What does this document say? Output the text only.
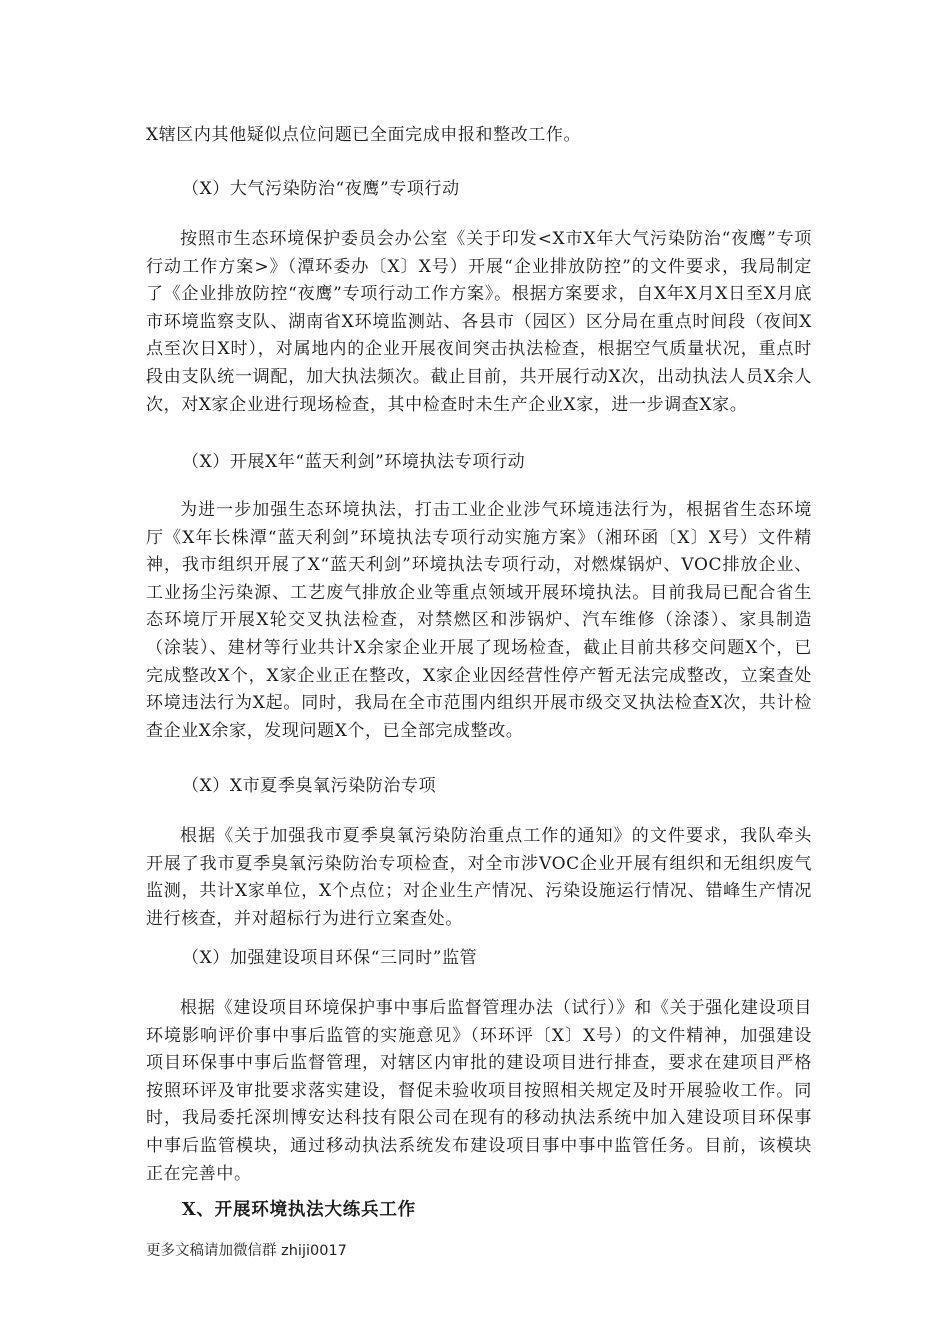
X辖区内其他疑似点位问题已全面完成申报和整改工作。

（X）大气污染防治“夜鹰”专项行动

按照市生态环境保护委员会办公室《关于印发<X市X年大气污染防治“夜鹰”专项行动工作方案>》（潭环委办〔X〕X号）开展“企业排放防控”的文件要求，我局制定了《企业排放防控“夜鹰”专项行动工作方案》。根据方案要求，自X年X月X日至X月底市环境监察支队、湖南省X环境监测站、各县市（园区）区分局在重点时间段（夜间X点至次日X时），对属地内的企业开展夜间突击执法检查，根据空气质量状况，重点时段由支队统一调配，加大执法频次。截止目前，共开展行动X次，出动执法人员X余人次，对X家企业进行现场检查，其中检查时未生产企业X家，进一步调查X家。

（X）开展X年“蓝天利剑”环境执法专项行动

为进一步加强生态环境执法，打击工业企业涉气环境违法行为，根据省生态环境厅《X年长株潭“蓝天利剑”环境执法专项行动实施方案》（湘环函〔X〕X号）文件精神，我市组织开展了X“蓝天利剑”环境执法专项行动，对燃煤锅炉、VOC排放企业、工业扬尘污染源、工艺废气排放企业等重点领域开展环境执法。目前我局已配合省生态环境厅开展X轮交叉执法检查，对禁燃区和涉锅炉、汽车维修（涂漆）、家具制造（涂装）、建材等行业共计X余家企业开展了现场检查，截止目前共移交问题X个，已完成整改X个，X家企业正在整改，X家企业因经营性停产暂无法完成整改，立案查处环境违法行为X起。同时，我局在全市范围内组织开展市级交叉执法检查X次，共计检查企业X余家，发现问题X个，已全部完成整改。

（X）X市夏季臭氧污染防治专项

根据《关于加强我市夏季臭氧污染防治重点工作的通知》的文件要求，我队牵头开展了我市夏季臭氧污染防治专项检查，对全市涉VOC企业开展有组织和无组织废气监测，共计X家单位，X个点位；对企业生产情况、污染设施运行情况、错峰生产情况进行核查，并对超标行为进行立案查处。

（X）加强建设项目环保“三同时”监管

根据《建设项目环境保护事中事后监督管理办法（试行）》和《关于强化建设项目环境影响评价事中事后监管的实施意见》（环环评〔X〕X号）的文件精神，加强建设项目环保事中事后监督管理，对辖区内审批的建设项目进行排查，要求在建项目严格按照环评及审批要求落实建设，督促未验收项目按照相关规定及时开展验收工作。同时，我局委托深圳博安达科技有限公司在现有的移动执法系统中加入建设项目环保事中事后监管模块，通过移动执法系统发布建设项目事中事中监管任务。目前，该模块正在完善中。

X、开展环境执法大练兵工作

更多文稿请加微信群 zhiji0017
